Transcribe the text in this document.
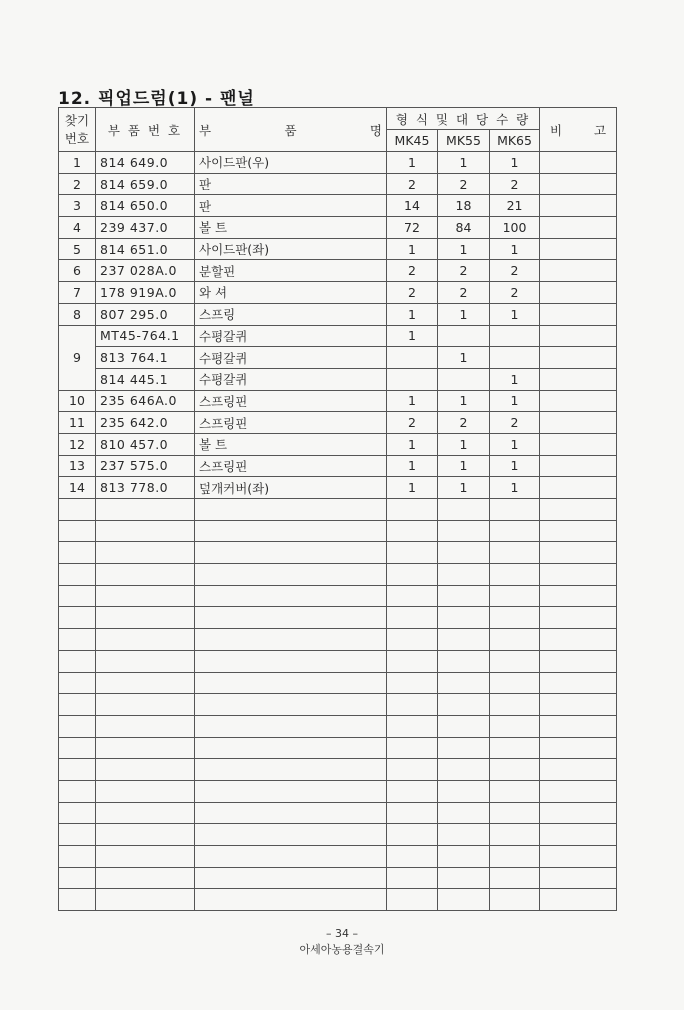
12. 픽업드럼(1) - 팬널
찾기
번호	부 품 번 호	부 품 명	형 식 및 대 당 수 량			비 고

			MK45	MK55	MK65	
1	814 649.0	사이드판(우)	1	1	1	
2	814 659.0	판	2	2	2	
3	814 650.0	판	14	18	21	
4	239 437.0	볼 트	72	84	100	
5	814 651.0	사이드판(좌)	1	1	1	
6	237 028A.0	분할핀	2	2	2	
7	178 919A.0	와 셔	2	2	2	
8	807 295.0	스프링	1	1	1	
	MT45-764.1	수평갈퀴	1			
9	813 764.1	수평갈퀴		1		
	814 445.1	수평갈퀴			1	
10	235 646A.0	스프링핀	1	1	1	
11	235 642.0	스프링핀	2	2	2	
12	810 457.0	볼 트	1	1	1	
13	237 575.0	스프링핀	1	1	1	
14	813 778.0	덮개커버(좌)	1	1	1	

– 34 –
아세아농용결속기
